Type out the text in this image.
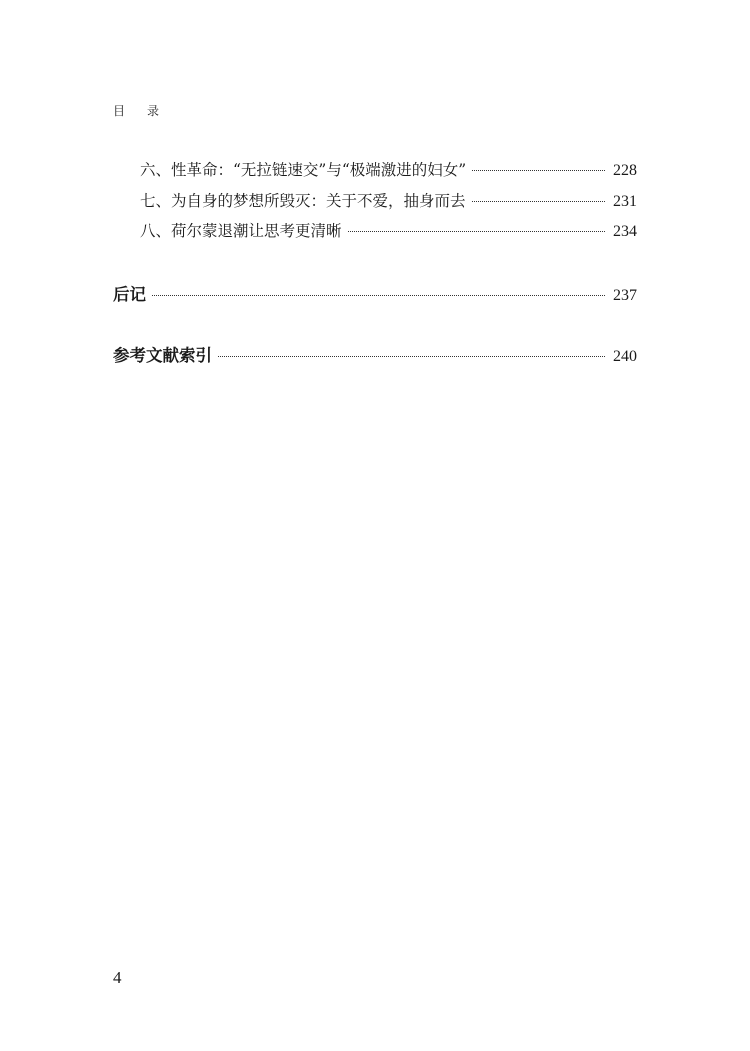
目 录
六、性革命：“无拉链速交”与“极端激进的妇女”	228
七、为自身的梦想所毁灭：关于不爱，抽身而去	231
八、荷尔蒙退潮让思考更清晰	234
后记	237
参考文献索引	240
4
